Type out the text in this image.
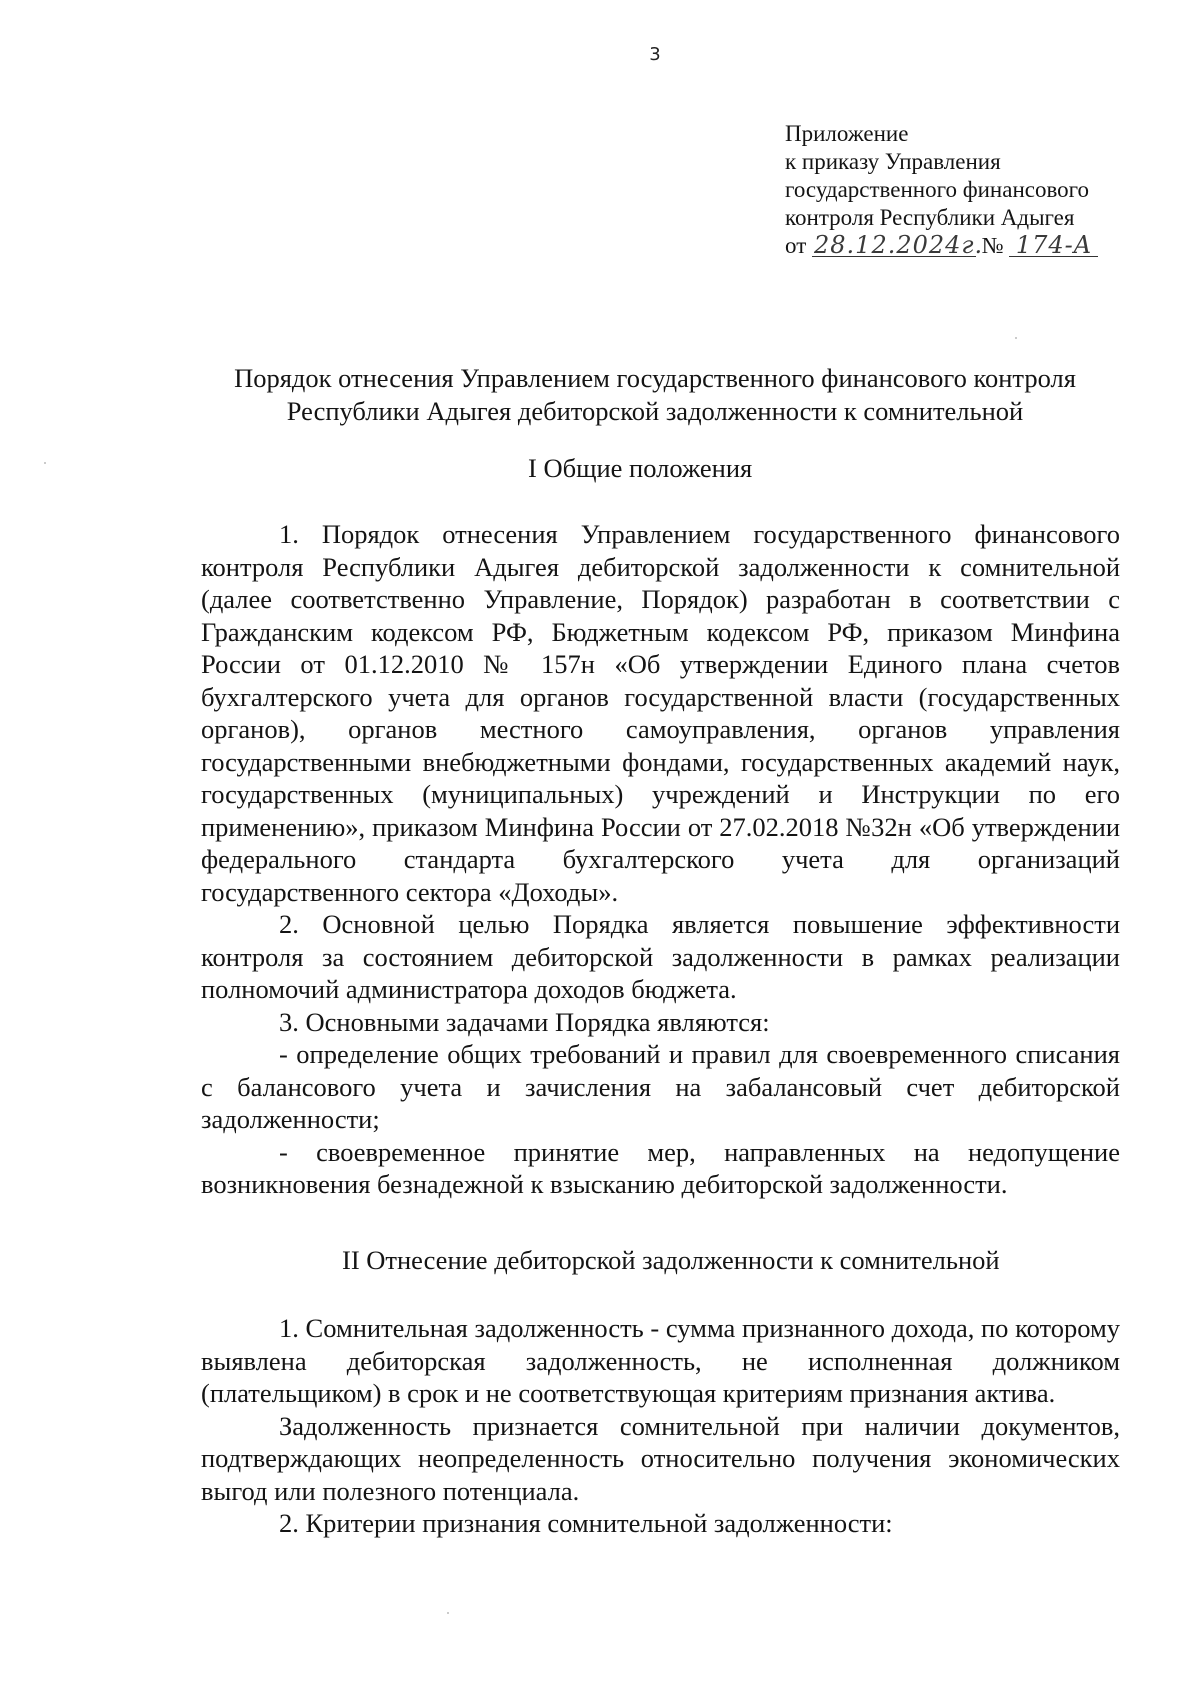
3
Приложение
к приказу Управления
государственного финансового
контроля Республики Адыгея
от 28.12.2024г. № 174-A
Порядок отнесения Управлением государственного финансового контроля
Республики Адыгея дебиторской задолженности к сомнительной
I Общие положения

1. Порядок отнесения Управлением государственного финансового контроля Республики Адыгея дебиторской задолженности к сомнительной (далее соответственно Управление, Порядок) разработан в соответствии с Гражданским кодексом РФ, Бюджетным кодексом РФ, приказом Минфина России от 01.12.2010 № 157н «Об утверждении Единого плана счетов бухгалтерского учета для органов государственной власти (государственных органов), органов местного самоуправления, органов управления государственными внебюджетными фондами, государственных академий наук, государственных (муниципальных) учреждений и Инструкции по его применению», приказом Минфина России от 27.02.2018 №32н «Об утверждении федерального стандарта бухгалтерского учета для организаций государственного сектора «Доходы».

2. Основной целью Порядка является повышение эффективности контроля за состоянием дебиторской задолженности в рамках реализации полномочий администратора доходов бюджета.

3. Основными задачами Порядка являются:

- определение общих требований и правил для своевременного списания с балансового учета и зачисления на забалансовый счет дебиторской задолженности;

- своевременное принятие мер, направленных на недопущение возникновения безнадежной к взысканию дебиторской задолженности.

II Отнесение дебиторской задолженности к сомнительной

1. Сомнительная задолженность - сумма признанного дохода, по которому выявлена дебиторская задолженность, не исполненная должником (плательщиком) в срок и не соответствующая критериям признания актива.

Задолженность признается сомнительной при наличии документов, подтверждающих неопределенность относительно получения экономических выгод или полезного потенциала.

2. Критерии признания сомнительной задолженности:
